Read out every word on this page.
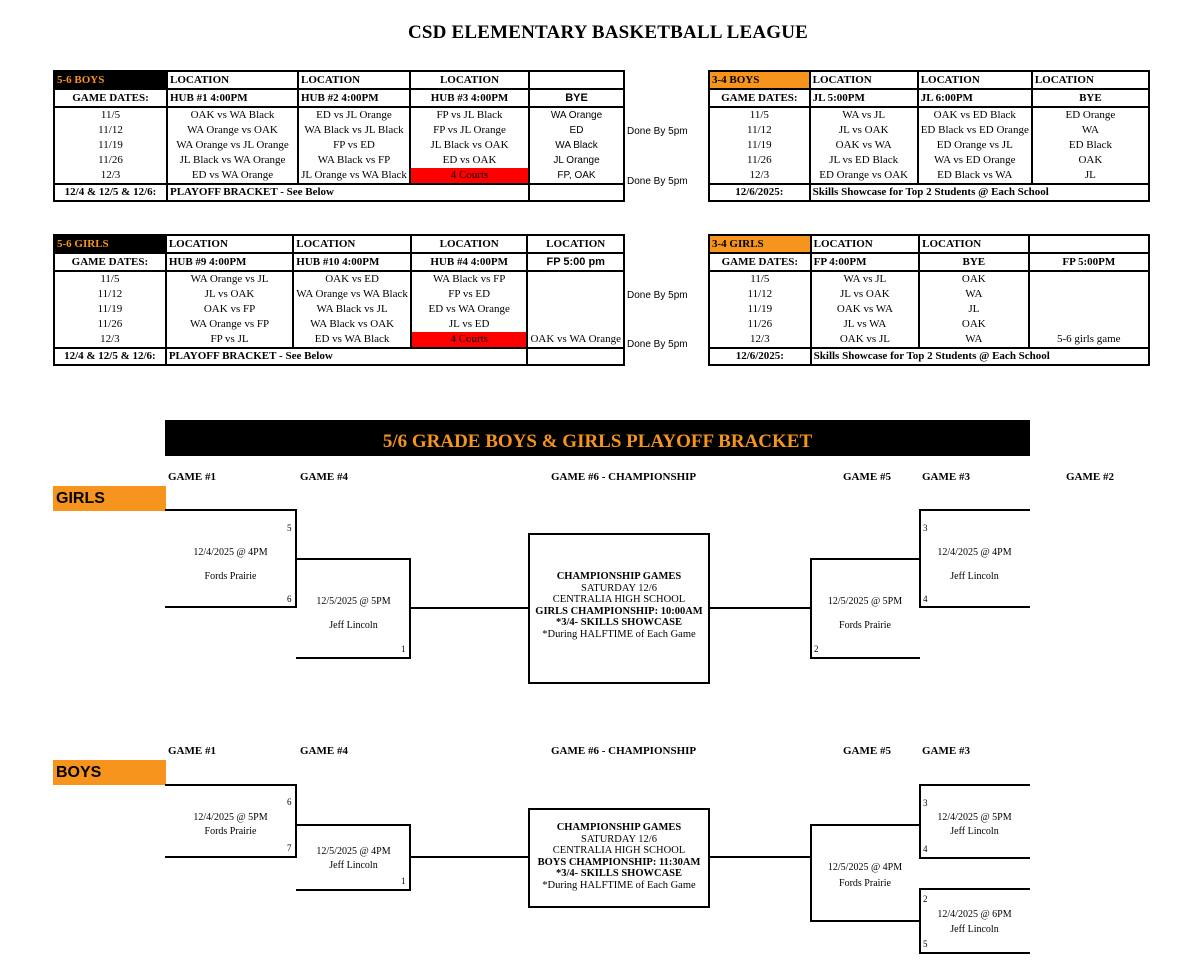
CSD ELEMENTARY BASKETBALL LEAGUE
5-6 BOYS	LOCATION	LOCATION	LOCATION	
GAME DATES:	HUB #1 4:00PM	HUB #2 4:00PM	HUB #3 4:00PM	BYE
11/5	OAK vs WA Black	ED vs JL Orange	FP vs JL Black	WA Orange
11/12	WA Orange vs OAK	WA Black vs JL Black	FP vs JL Orange	ED
11/19	WA Orange vs JL Orange	FP vs ED	JL Black vs OAK	WA Black
11/26	JL Black vs WA Orange	WA Black vs FP	ED vs OAK	JL Orange
12/3	ED vs WA Orange	JL Orange vs WA Black	4 Courts	FP, OAK
12/4 & 12/5 & 12/6:	PLAYOFF BRACKET - See Below			
Done By 5pm
Done By 5pm
3-4 BOYS	LOCATION	LOCATION	LOCATION
GAME DATES:	JL 5:00PM	JL 6:00PM	BYE
11/5	WA vs JL	OAK vs ED Black	ED Orange
11/12	JL vs OAK	ED Black vs ED Orange	WA
11/19	OAK vs WA	ED Orange vs JL	ED Black
11/26	JL vs ED Black	WA vs ED Orange	OAK
12/3	ED Orange vs OAK	ED Black vs WA	JL
12/6/2025:	Skills Showcase for Top 2 Students @ Each School		
5-6 GIRLS	LOCATION	LOCATION	LOCATION	LOCATION
GAME DATES:	HUB #9 4:00PM	HUB #10 4:00PM	HUB #4 4:00PM	FP 5:00 pm
11/5	WA Orange vs JL	OAK vs ED	WA Black vs FP	
11/12	JL vs OAK	WA Orange vs WA Black	FP vs ED	
11/19	OAK vs FP	WA Black vs JL	ED vs WA Orange	
11/26	WA Orange vs FP	WA Black vs OAK	JL vs ED	
12/3	FP vs JL	ED vs WA Black	4 Courts	OAK vs WA Orange
12/4 & 12/5 & 12/6:	PLAYOFF BRACKET - See Below			
Done By 5pm
Done By 5pm
3-4 GIRLS	LOCATION	LOCATION	
GAME DATES:	FP 4:00PM	BYE	FP 5:00PM
11/5	WA vs JL	OAK	
11/12	JL vs OAK	WA	
11/19	OAK vs WA	JL	
11/26	JL vs WA	OAK	
12/3	OAK vs JL	WA	5-6 girls game
12/6/2025:	Skills Showcase for Top 2 Students @ Each School		
5/6 GRADE BOYS & GIRLS PLAYOFF BRACKET
GAME #1	GAME #4	GAME #6 - CHAMPIONSHIP	GAME #5	GAME #3	GAME #2
GIRLS
5
6
12/4/2025 @ 4PM
Fords Prairie
1
12/5/2025 @ 5PM
Jeff Lincoln
CHAMPIONSHIP GAMES
SATURDAY 12/6
CENTRALIA HIGH SCHOOL
GIRLS CHAMPIONSHIP: 10:00AM
*3/4- SKILLS SHOWCASE
*During HALFTIME of Each Game
2
12/5/2025 @ 5PM
Fords Prairie
3
4
12/4/2025 @ 4PM
Jeff Lincoln
GAME #1	GAME #4	GAME #6 - CHAMPIONSHIP	GAME #5	GAME #3
BOYS
6
7
12/4/2025 @ 5PM
Fords Prairie
1
12/5/2025 @ 4PM
Jeff Lincoln
CHAMPIONSHIP GAMES
SATURDAY 12/6
CENTRALIA HIGH SCHOOL
BOYS CHAMPIONSHIP: 11:30AM
*3/4- SKILLS SHOWCASE
*During HALFTIME of Each Game
12/5/2025 @ 4PM
Fords Prairie
3
4
12/4/2025 @ 5PM
Jeff Lincoln
2
5
12/4/2025 @ 6PM
Jeff Lincoln
